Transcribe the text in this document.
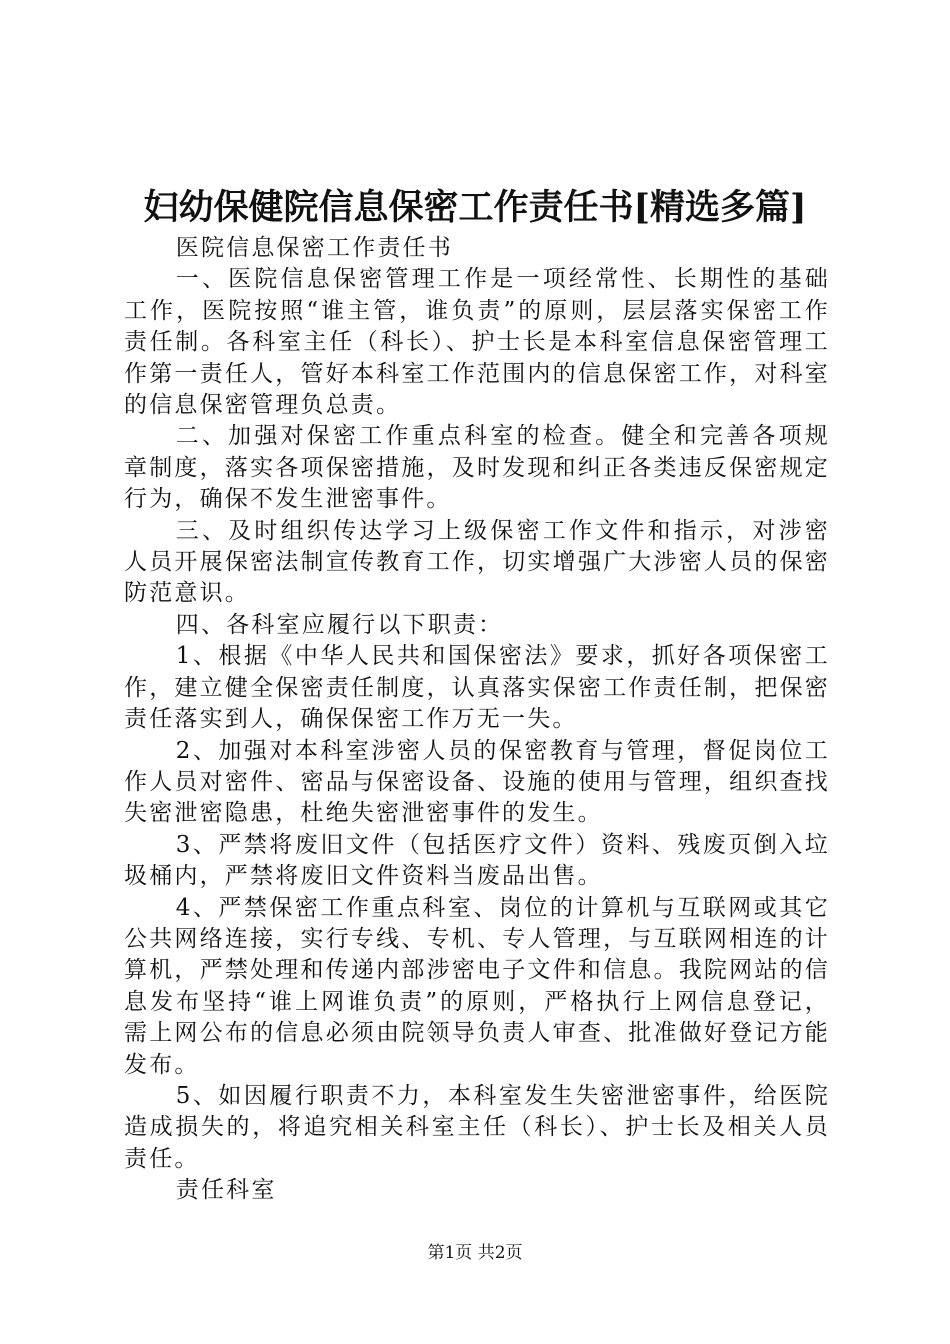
妇幼保健院信息保密工作责任书[精选多篇]

医院信息保密工作责任书

一、医院信息保密管理工作是一项经常性、长期性的基础工作，医院按照“谁主管，谁负责”的原则，层层落实保密工作责任制。各科室主任（科长）、护士长是本科室信息保密管理工作第一责任人，管好本科室工作范围内的信息保密工作，对科室的信息保密管理负总责。

二、加强对保密工作重点科室的检查。健全和完善各项规章制度，落实各项保密措施，及时发现和纠正各类违反保密规定行为，确保不发生泄密事件。

三、及时组织传达学习上级保密工作文件和指示，对涉密人员开展保密法制宣传教育工作，切实增强广大涉密人员的保密防范意识。

四、各科室应履行以下职责：

1、根据《中华人民共和国保密法》要求，抓好各项保密工作，建立健全保密责任制度，认真落实保密工作责任制，把保密责任落实到人，确保保密工作万无一失。

2、加强对本科室涉密人员的保密教育与管理，督促岗位工作人员对密件、密品与保密设备、设施的使用与管理，组织查找失密泄密隐患，杜绝失密泄密事件的发生。

3、严禁将废旧文件（包括医疗文件）资料、残废页倒入垃圾桶内，严禁将废旧文件资料当废品出售。

4、严禁保密工作重点科室、岗位的计算机与互联网或其它公共网络连接，实行专线、专机、专人管理，与互联网相连的计算机，严禁处理和传递内部涉密电子文件和信息。我院网站的信息发布坚持“谁上网谁负责”的原则，严格执行上网信息登记，需上网公布的信息必须由院领导负责人审查、批准做好登记方能发布。

5、如因履行职责不力，本科室发生失密泄密事件，给医院造成损失的，将追究相关科室主任（科长）、护士长及相关人员责任。

责任科室

第1页 共2页
